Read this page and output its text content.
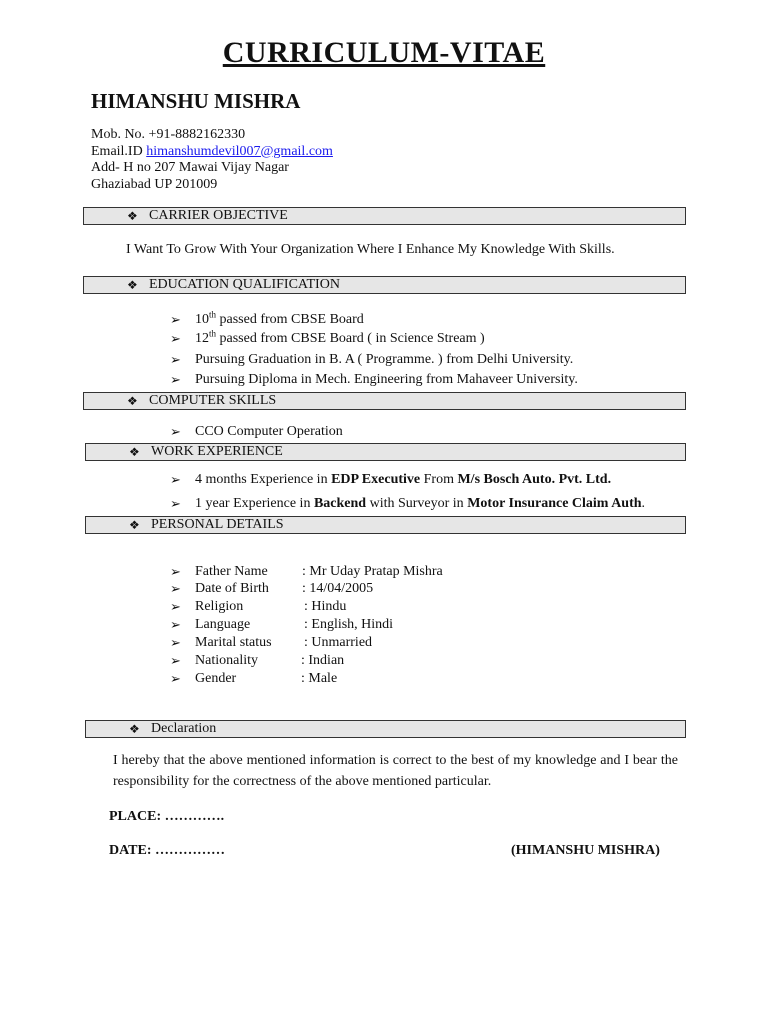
CURRICULUM-VITAE
HIMANSHU MISHRA
Mob. No. +91-8882162330
Email.ID himanshumdevil007@gmail.com
Add- H no 207 Mawai Vijay Nagar
Ghaziabad UP 201009
❖ CARRIER OBJECTIVE
I Want To Grow With Your Organization Where I Enhance My Knowledge With Skills.
❖ EDUCATION QUALIFICATION
➢ 10th passed from CBSE Board
➢ 12th passed from CBSE Board ( in Science Stream )
➢ Pursuing Graduation in B. A ( Programme. ) from Delhi University.
➢ Pursuing Diploma in Mech. Engineering from Mahaveer University.
❖ COMPUTER SKILLS
➢ CCO Computer Operation
❖ WORK EXPERIENCE
➢ 4 months Experience in EDP Executive From M/s Bosch Auto. Pvt. Ltd.
➢ 1 year Experience in Backend with Surveyor in Motor Insurance Claim Auth.
❖ PERSONAL DETAILS
➢ Father Name : Mr Uday Pratap Mishra
➢ Date of Birth : 14/04/2005
➢ Religion	: Hindu
➢ Language	: English, Hindi
➢ Marital status : Unmarried
➢ Nationality	: Indian
➢ Gender	: Male
❖ Declaration
I hereby that the above mentioned information is correct to the best of my knowledge and I bear the responsibility for the correctness of the above mentioned particular.
PLACE: ………….
DATE: ……………	(HIMANSHU MISHRA)
